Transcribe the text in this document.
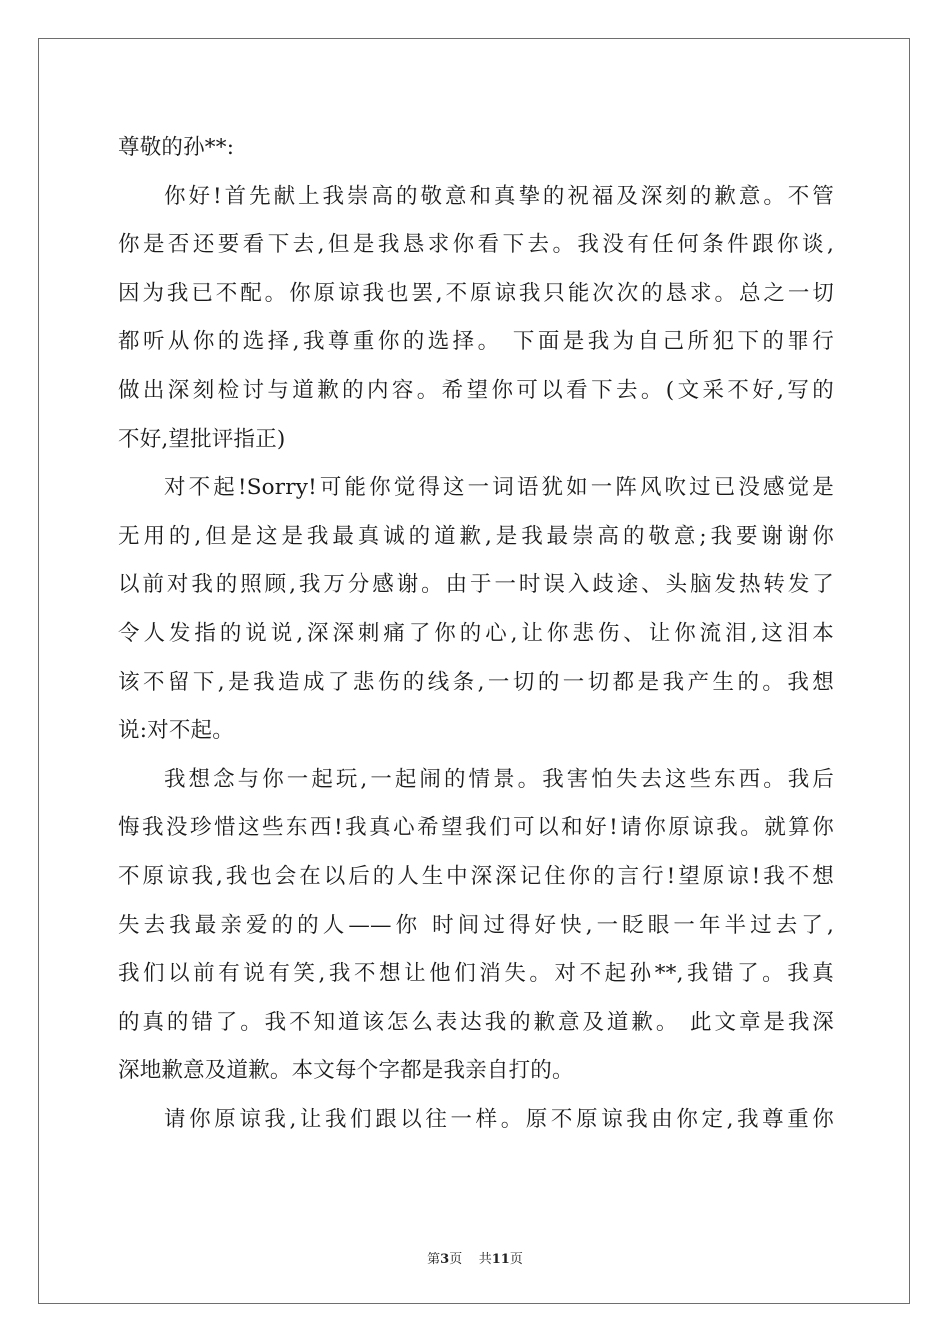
尊敬的孙**:
你好!首先献上我崇高的敬意和真挚的祝福及深刻的歉意。不管
你是否还要看下去,但是我恳求你看下去。我没有任何条件跟你谈,
因为我已不配。你原谅我也罢,不原谅我只能次次的恳求。总之一切
都听从你的选择,我尊重你的选择。 下面是我为自己所犯下的罪行
做出深刻检讨与道歉的内容。希望你可以看下去。(文采不好,写的
不好,望批评指正)
对不起!Sorry!可能你觉得这一词语犹如一阵风吹过已没感觉是
无用的,但是这是我最真诚的道歉,是我最崇高的敬意;我要谢谢你
以前对我的照顾,我万分感谢。由于一时误入歧途、头脑发热转发了
令人发指的说说,深深刺痛了你的心,让你悲伤、让你流泪,这泪本
该不留下,是我造成了悲伤的线条,一切的一切都是我产生的。我想
说:对不起。
我想念与你一起玩,一起闹的情景。我害怕失去这些东西。我后
悔我没珍惜这些东西!我真心希望我们可以和好!请你原谅我。就算你
不原谅我,我也会在以后的人生中深深记住你的言行!望原谅!我不想
失去我最亲爱的的人——你 时间过得好快,一眨眼一年半过去了,
我们以前有说有笑,我不想让他们消失。对不起孙**,我错了。我真
的真的错了。我不知道该怎么表达我的歉意及道歉。 此文章是我深
深地歉意及道歉。本文每个字都是我亲自打的。
请你原谅我,让我们跟以往一样。原不原谅我由你定,我尊重你
第3页 共11页
